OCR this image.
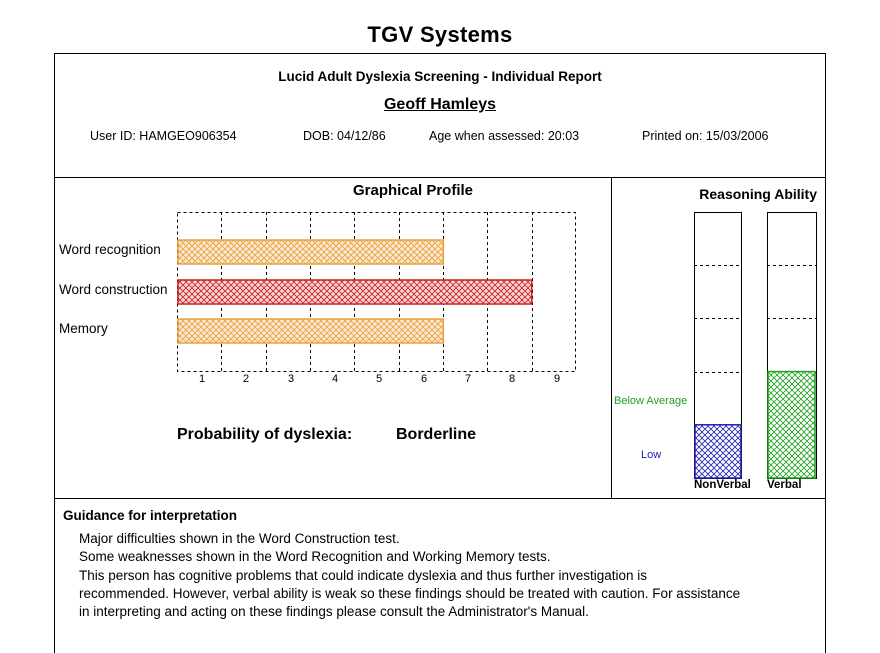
TGV Systems
Lucid Adult Dyslexia Screening - Individual Report
Geoff Hamleys
User ID: HAMGEO906354	DOB: 04/12/86	Age when assessed: 20:03	Printed on: 15/03/2006
Graphical Profile
Word recognition
Word construction
Memory
1	2	3	4	5	6	7	8	9
Probability of dyslexia:	Borderline
Reasoning Ability
Below Average
Low
NonVerbal Verbal
Guidance for interpretation
Major difficulties shown in the Word Construction test.
Some weaknesses shown in the Word Recognition and Working Memory tests.
This person has cognitive problems that could indicate dyslexia and thus further investigation is
recommended. However, verbal ability is weak so these findings should be treated with caution. For assistance
in interpreting and acting on these findings please consult the Administrator's Manual.
